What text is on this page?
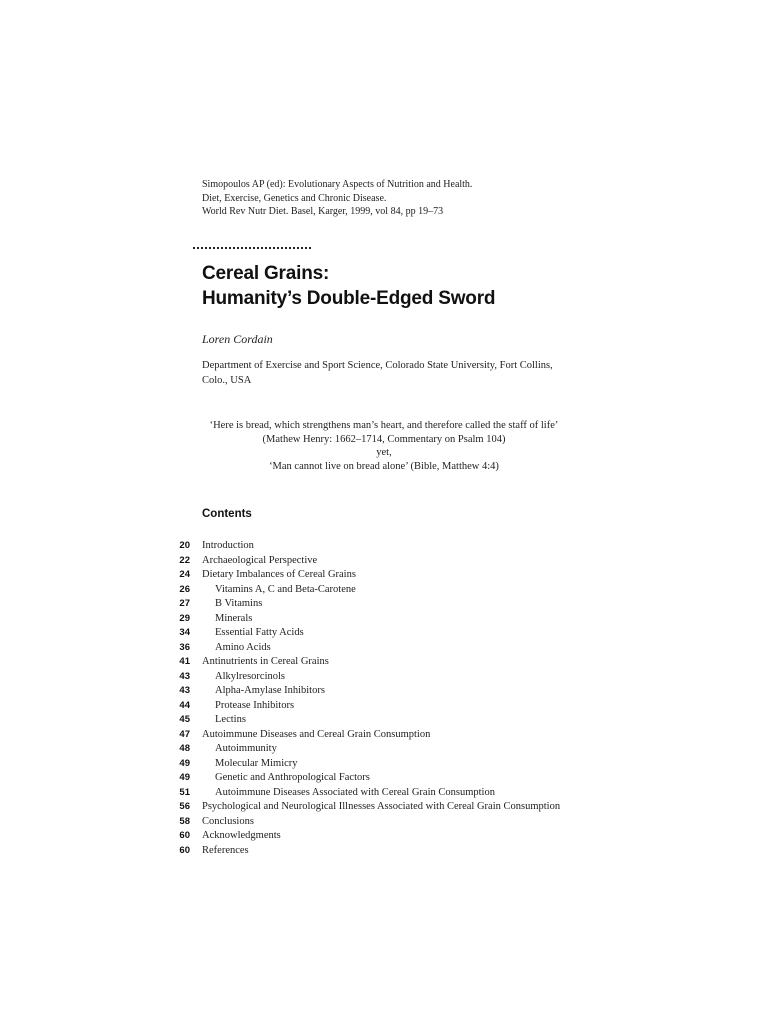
Simopoulos AP (ed): Evolutionary Aspects of Nutrition and Health.
Diet, Exercise, Genetics and Chronic Disease.
World Rev Nutr Diet. Basel, Karger, 1999, vol 84, pp 19–73
Cereal Grains:
Humanity’s Double-Edged Sword
Loren Cordain
Department of Exercise and Sport Science, Colorado State University, Fort Collins,
Colo., USA
‘Here is bread, which strengthens man’s heart, and therefore called the staff of life’
(Mathew Henry: 1662–1714, Commentary on Psalm 104)
yet,
‘Man cannot live on bread alone’ (Bible, Matthew 4:4)
Contents
20	Introduction
22	Archaeological Perspective
24	Dietary Imbalances of Cereal Grains
26	Vitamins A, C and Beta-Carotene
27	B Vitamins
29	Minerals
34	Essential Fatty Acids
36	Amino Acids
41	Antinutrients in Cereal Grains
43	Alkylresorcinols
43	Alpha-Amylase Inhibitors
44	Protease Inhibitors
45	Lectins
47	Autoimmune Diseases and Cereal Grain Consumption
48	Autoimmunity
49	Molecular Mimicry
49	Genetic and Anthropological Factors
51	Autoimmune Diseases Associated with Cereal Grain Consumption
56	Psychological and Neurological Illnesses Associated with Cereal Grain Consumption
58	Conclusions
60	Acknowledgments
60	References
